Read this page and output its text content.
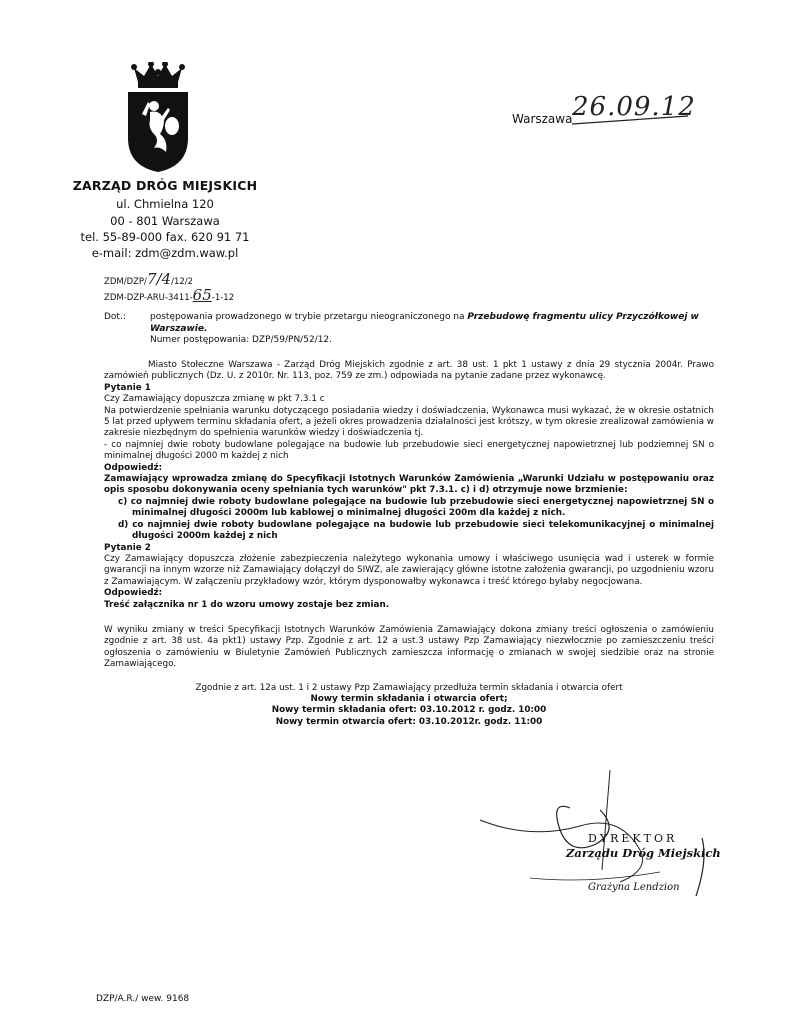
ZARZĄD DRÓG MIEJSKICH
ul. Chmielna 120
00 - 801 Warszawa
tel. 55-89-000 fax. 620 91 71
e-mail: zdm@zdm.waw.pl
Warszawa 26.09.12
ZDM/DZP/7/4/12/2
ZDM-DZP-ARU-3411-65-1-12
Dot.:	postępowania prowadzonego w trybie przetargu nieograniczonego na Przebudowę fragmentu ulicy Przyczółkowej w Warszawie.
Numer postępowania: DZP/59/PN/52/12.
Miasto Stołeczne Warszawa - Zarząd Dróg Miejskich zgodnie z art. 38 ust. 1 pkt 1 ustawy z dnia 29 stycznia 2004r. Prawo zamówień publicznych (Dz. U. z 2010r. Nr. 113, poz. 759 ze zm.) odpowiada na pytanie zadane przez wykonawcę.
Pytanie 1
Czy Zamawiający dopuszcza zmianę w pkt 7.3.1 c
Na potwierdzenie spełniania warunku dotyczącego posiadania wiedzy i doświadczenia, Wykonawca musi wykazać, że w okresie ostatnich 5 lat przed upływem terminu składania ofert, a jeżeli okres prowadzenia działalności jest krótszy, w tym okresie zrealizował zamówienia w zakresie niezbędnym do spełnienia warunków wiedzy i doświadczenia tj.
- co najmniej dwie roboty budowlane polegające na budowie lub przebudowie sieci energetycznej napowietrznej lub podziemnej SN o minimalnej długości 2000 m każdej z nich
Odpowiedź:
Zamawiający wprowadza zmianę do Specyfikacji Istotnych Warunków Zamówienia „Warunki Udziału w postępowaniu oraz opis sposobu dokonywania oceny spełniania tych warunków" pkt 7.3.1. c) i d) otrzymuje nowe brzmienie:
c) co najmniej dwie roboty budowlane polegające na budowie lub przebudowie sieci energetycznej napowietrznej SN o minimalnej długości 2000m lub kablowej o minimalnej długości 200m dla każdej z nich.
d) co najmniej dwie roboty budowlane polegające na budowie lub przebudowie sieci telekomunikacyjnej o minimalnej długości 2000m każdej z nich
Pytanie 2
Czy Zamawiający dopuszcza złożenie zabezpieczenia należytego wykonania umowy i właściwego usunięcia wad i usterek w formie gwarancji na innym wzorze niż Zamawiający dołączył do SIWZ, ale zawierający główne istotne założenia gwarancji, po uzgodnieniu wzoru z Zamawiającym. W załączeniu przykładowy wzór, którym dysponowałby wykonawca i treść którego byłaby negocjowana.
Odpowiedź:
Treść załącznika nr 1 do wzoru umowy zostaje bez zmian.
W wyniku zmiany w treści Specyfikacji Istotnych Warunków Zamówienia Zamawiający dokona zmiany treści ogłoszenia o zamówieniu zgodnie z art. 38 ust. 4a pkt1) ustawy Pzp. Zgodnie z art. 12 a ust.3 ustawy Pzp Zamawiający niezwłocznie po zamieszczeniu treści ogłoszenia o zamówieniu w Biuletynie Zamówień Publicznych zamieszcza informację o zmianach w swojej siedzibie oraz na stronie Zamawiającego.
Zgodnie z art. 12a ust. 1 i 2 ustawy Pzp Zamawiający przedłuża termin składania i otwarcia ofert
Nowy termin składania i otwarcia ofert;
Nowy termin składania ofert: 03.10.2012 r. godz. 10:00
Nowy termin otwarcia ofert: 03.10.2012r. godz. 11:00
DYREKTOR
Zarządu Dróg Miejskich
Grażyna Lendzion
DZP/A.R./ wew. 9168
